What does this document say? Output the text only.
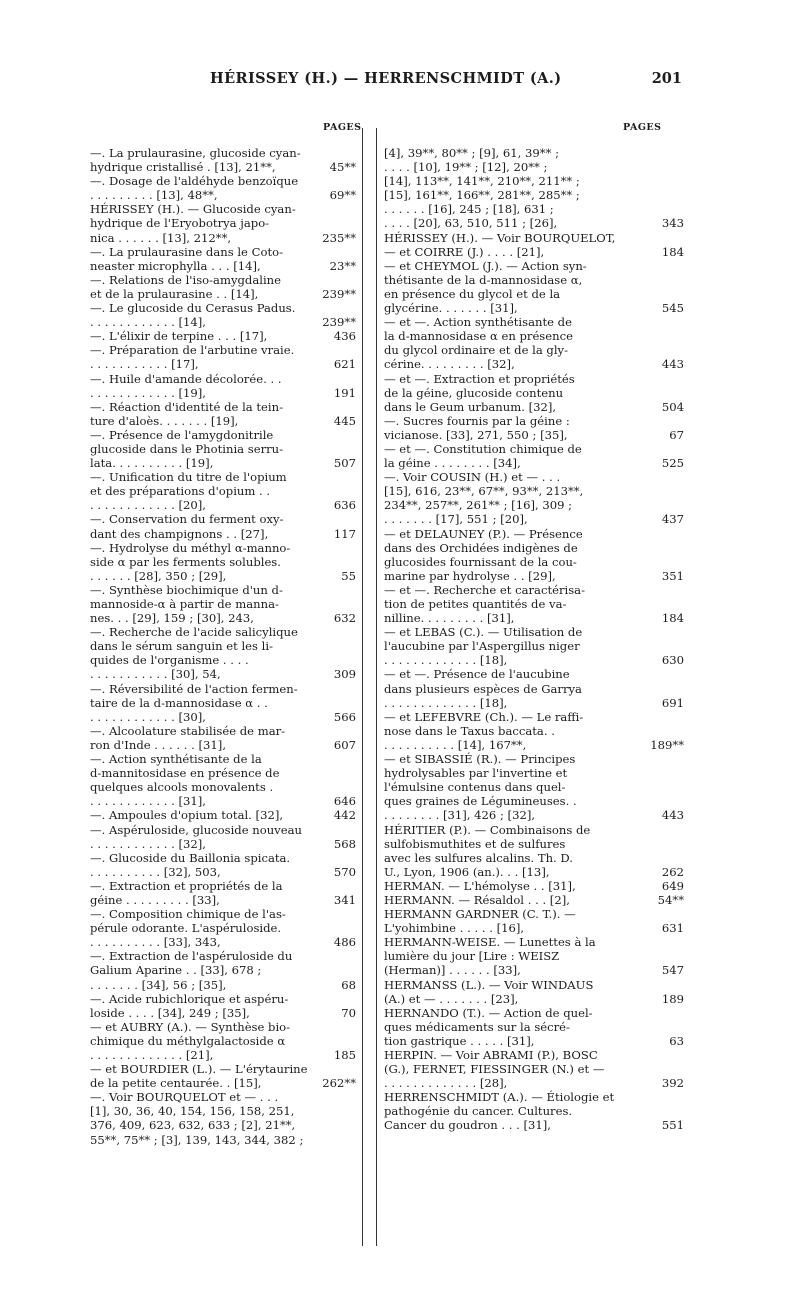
HÉRISSEY (H.) — HERRENSCHMIDT (A.)	201
PAGES	PAGES
—. La prulaurasine, glucoside cyan-
hydrique cristallisé . [13], 21**,	45**
—. Dosage de l'aldéhyde benzoïque
. . . . . . . . . [13], 48**,	69**
HÉRISSEY (H.). — Glucoside cyan-
hydrique de l'Eryobotrya japo-
nica . . . . . . [13], 212**,	235**
—. La prulaurasine dans le Coto-
neaster microphylla . . . [14],	23**
—. Relations de l'iso-amygdaline
et de la prulaurasine . . [14],	239**
—. Le glucoside du Cerasus Padus.
. . . . . . . . . . . . [14],	239**
—. L'élixir de terpine . . . [17],	436
—. Préparation de l'arbutine vraie.
. . . . . . . . . . . [17],	621
—. Huile d'amande décolorée. . .
. . . . . . . . . . . . [19],	191
—. Réaction d'identité de la tein-
ture d'aloès. . . . . . . [19],	445
—. Présence de l'amygdonitrile
glucoside dans le Photinia serru-
lata. . . . . . . . . . [19],	507
—. Unification du titre de l'opium
et des préparations d'opium . .
. . . . . . . . . . . . [20],	636
—. Conservation du ferment oxy-
dant des champignons . . [27],	117
—. Hydrolyse du méthyl α-manno-
side α par les ferments solubles.
. . . . . . [28], 350 ; [29],	55
—. Synthèse biochimique d'un d-
mannoside-α à partir de manna-
nes. . . [29], 159 ; [30], 243,	632
—. Recherche de l'acide salicylique
dans le sérum sanguin et les li-
quides de l'organisme . . . .
. . . . . . . . . . . [30], 54,	309
—. Réversibilité de l'action fermen-
taire de la d-mannosidase α . .
. . . . . . . . . . . . [30],	566
—. Alcoolature stabilisée de mar-
ron d'Inde . . . . . . [31],	607
—. Action synthétisante de la
d-mannitosidase en présence de
quelques alcools monovalents .
. . . . . . . . . . . . [31],	646
—. Ampoules d'opium total. [32],	442
—. Aspéruloside, glucoside nouveau
. . . . . . . . . . . . [32],	568
—. Glucoside du Baillonia spicata.
. . . . . . . . . . [32], 503,	570
—. Extraction et propriétés de la
géine . . . . . . . . . [33],	341
—. Composition chimique de l'as-
pérule odorante. L'aspéruloside.
. . . . . . . . . . [33], 343,	486
—. Extraction de l'aspéruloside du
Galium Aparine . . [33], 678 ;
. . . . . . . [34], 56 ; [35],	68
—. Acide rubichlorique et aspéru-
loside . . . . [34], 249 ; [35],	70
— et AUBRY (A.). — Synthèse bio-
chimique du méthylgalactoside α
. . . . . . . . . . . . . [21],	185
— et BOURDIER (L.). — L'érytaurine
de la petite centaurée. . [15],	262**
—. Voir BOURQUELOT et — . . .
[1], 30, 36, 40, 154, 156, 158, 251,
376, 409, 623, 632, 633 ; [2], 21**,
55**, 75** ; [3], 139, 143, 344, 382 ;
[4], 39**, 80** ; [9], 61, 39** ;
. . . . [10], 19** ; [12], 20** ;
[14], 113**, 141**, 210**, 211** ;
[15], 161**, 166**, 281**, 285** ;
. . . . . . [16], 245 ; [18], 631 ;
. . . . [20], 63, 510, 511 ; [26],	343
HÉRISSEY (H.). — Voir BOURQUELOT,
— et COIRRE (J.) . . . . [21],	184
— et CHEYMOL (J.). — Action syn-
thétisante de la d-mannosidase α,
en présence du glycol et de la
glycérine. . . . . . . [31],	545
— et —. Action synthétisante de
la d-mannosidase α en présence
du glycol ordinaire et de la gly-
cérine. . . . . . . . . [32],	443
— et —. Extraction et propriétés
de la géine, glucoside contenu
dans le Geum urbanum. [32],	504
—. Sucres fournis par la géine :
vicianose. [33], 271, 550 ; [35],	67
— et —. Constitution chimique de
la géine . . . . . . . . [34],	525
—. Voir COUSIN (H.) et — . . .
[15], 616, 23**, 67**, 93**, 213**,
234**, 257**, 261** ; [16], 309 ;
. . . . . . . [17], 551 ; [20],	437
— et DELAUNEY (P.). — Présence
dans des Orchidées indigènes de
glucosides fournissant de la cou-
marine par hydrolyse . . [29],	351
— et —. Recherche et caractérisa-
tion de petites quantités de va-
nilline. . . . . . . . . [31],	184
— et LEBAS (C.). — Utilisation de
l'aucubine par l'Aspergillus niger
. . . . . . . . . . . . . [18],	630
— et —. Présence de l'aucubine
dans plusieurs espèces de Garrya
. . . . . . . . . . . . . [18],	691
— et LEFEBVRE (Ch.). — Le raffi-
nose dans le Taxus baccata. .
. . . . . . . . . . [14], 167**,	189**
— et SIBASSIÉ (R.). — Principes
hydrolysables par l'invertine et
l'émulsine contenus dans quel-
ques graines de Légumineuses. .
. . . . . . . . [31], 426 ; [32],	443
HÉRITIER (P.). — Combinaisons de
sulfobismuthites et de sulfures
avec les sulfures alcalins. Th. D.
U., Lyon, 1906 (an.). . . [13],	262
HERMAN. — L'hémolyse . . [31],	649
HERMANN. — Résaldol . . . [2],	54**
HERMANN GARDNER (C. T.). —
L'yohimbine . . . . . [16],	631
HERMANN-WEISE. — Lunettes à la
lumière du jour [Lire : WEISZ
(Herman)] . . . . . . [33],	547
HERMANSS (L.). — Voir WINDAUS
(A.) et — . . . . . . . [23],	189
HERNANDO (T.). — Action de quel-
ques médicaments sur la sécré-
tion gastrique . . . . . [31],	63
HERPIN. — Voir ABRAMI (P.), BOSC
(G.), FERNET, FIESSINGER (N.) et —
. . . . . . . . . . . . . [28],	392
HERRENSCHMIDT (A.). — Étiologie et
pathogénie du cancer. Cultures.
Cancer du goudron . . . [31],	551
